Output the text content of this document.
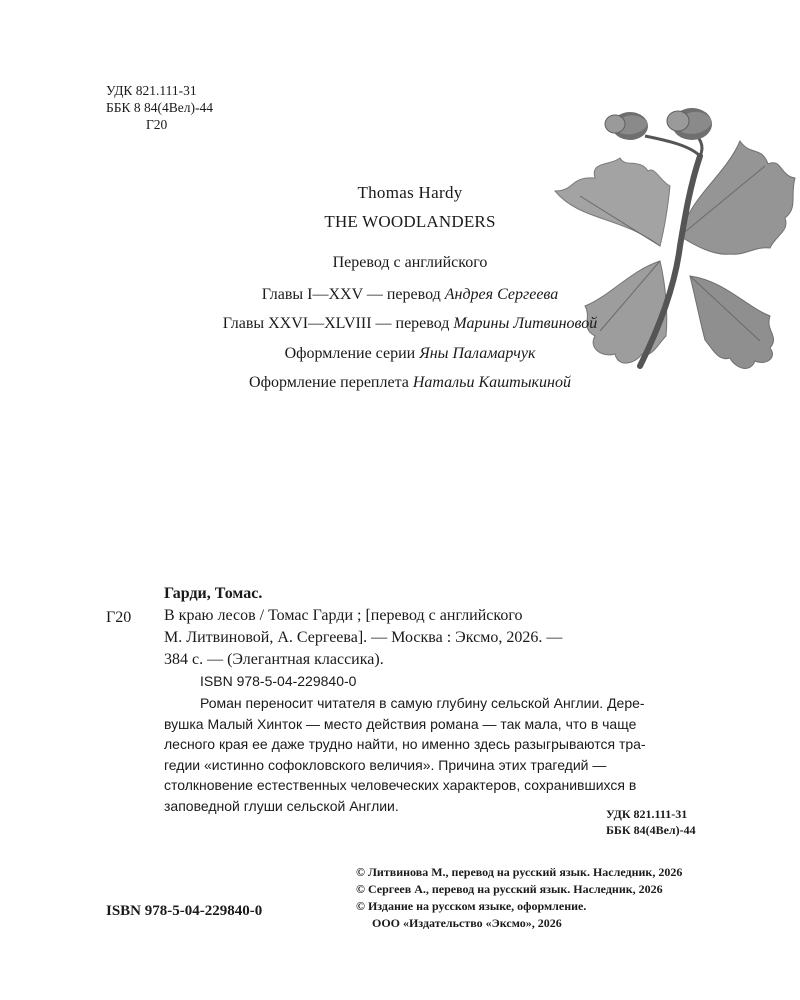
УДК 821.111-31
ББК 8 84(4Вел)-44
Г20
Thomas Hardy
THE WOODLANDERS
Перевод с английского
Главы I—XXV — перевод Андрея Сергеева
Главы XXVI—XLVIII — перевод Марины Литвиновой
Оформление серии Яны Паламарчук
Оформление переплета Натальи Каштыкиной
Гарди, Томас.
Г20 В краю лесов / Томас Гарди ; [перевод с английского
М. Литвиновой, А. Сергеева]. — Москва : Эксмо, 2026. —
384 с. — (Элегантная классика).
ISBN 978-5-04-229840-0
Роман переносит читателя в самую глубину сельской Англии. Дере-
вушка Малый Хинток — место действия романа — так мала, что в чаще
лесного края ее даже трудно найти, но именно здесь разыгрываются тра-
гедии «истинно софокловского величия». Причина этих трагедий —
столкновение естественных человеческих характеров, сохранившихся в
заповедной глуши сельской Англии.
УДК 821.111-31
ББК 84(4Вел)-44
© Литвинова М., перевод на русский язык. Наследник, 2026
© Сергеев А., перевод на русский язык. Наследник, 2026
© Издание на русском языке, оформление.
ООО «Издательство «Эксмо», 2026
ISBN 978-5-04-229840-0
